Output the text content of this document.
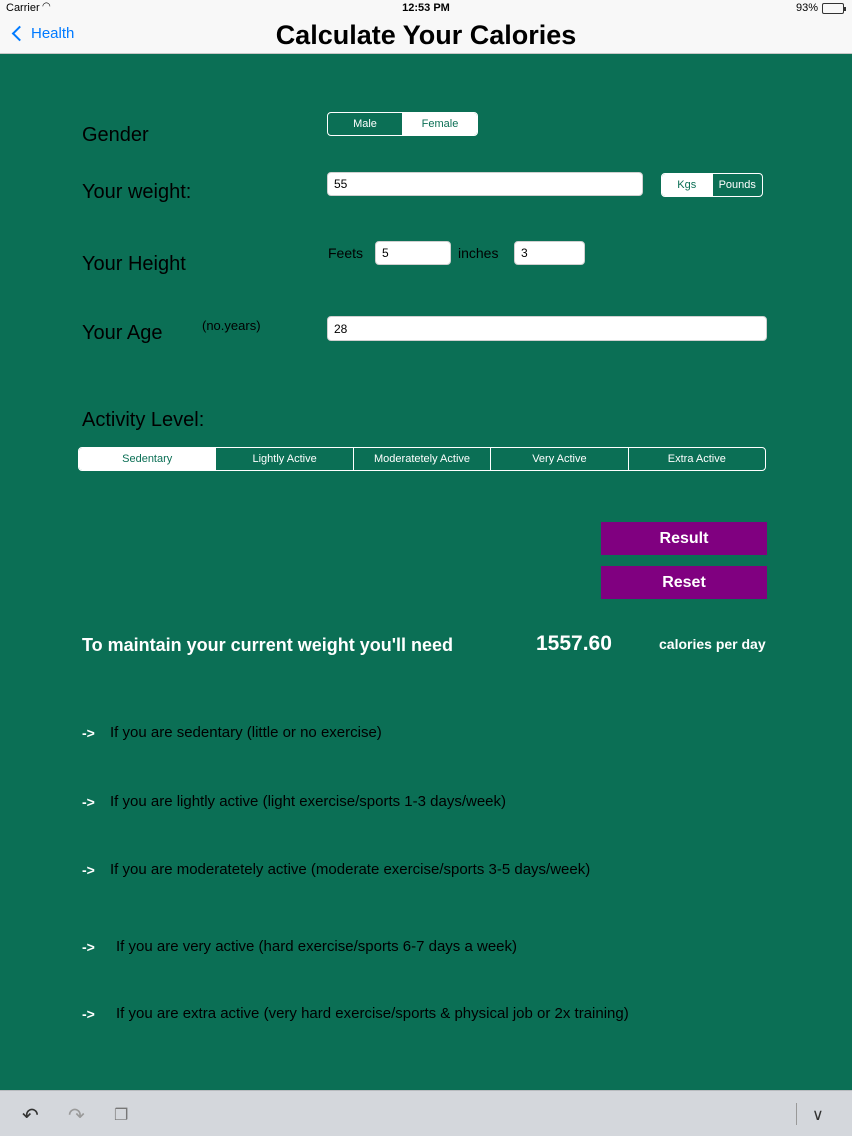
Carrier ◠	12:53 PM	93%
Health	Calculate Your Calories
Gender	Male	Female
Your weight:	55	Kgs	Pounds
Your Height	Feets	5	inches	3
Your Age	(no.years)	28
Activity Level:
Sedentary	Lightly Active	Moderatetely Active	Very Active	Extra Active
Result
Reset
To maintain your current weight you'll need	1557.60	calories per day
->	If you are sedentary (little or no exercise)
->	If you are lightly active (light exercise/sports 1-3 days/week)
->	If you are moderatetely active (moderate exercise/sports 3-5 days/week)
->	If you are very active (hard exercise/sports 6-7 days a week)
->	If you are extra active (very hard exercise/sports & physical job or 2x training)
↶ ↷ ❐	∨
